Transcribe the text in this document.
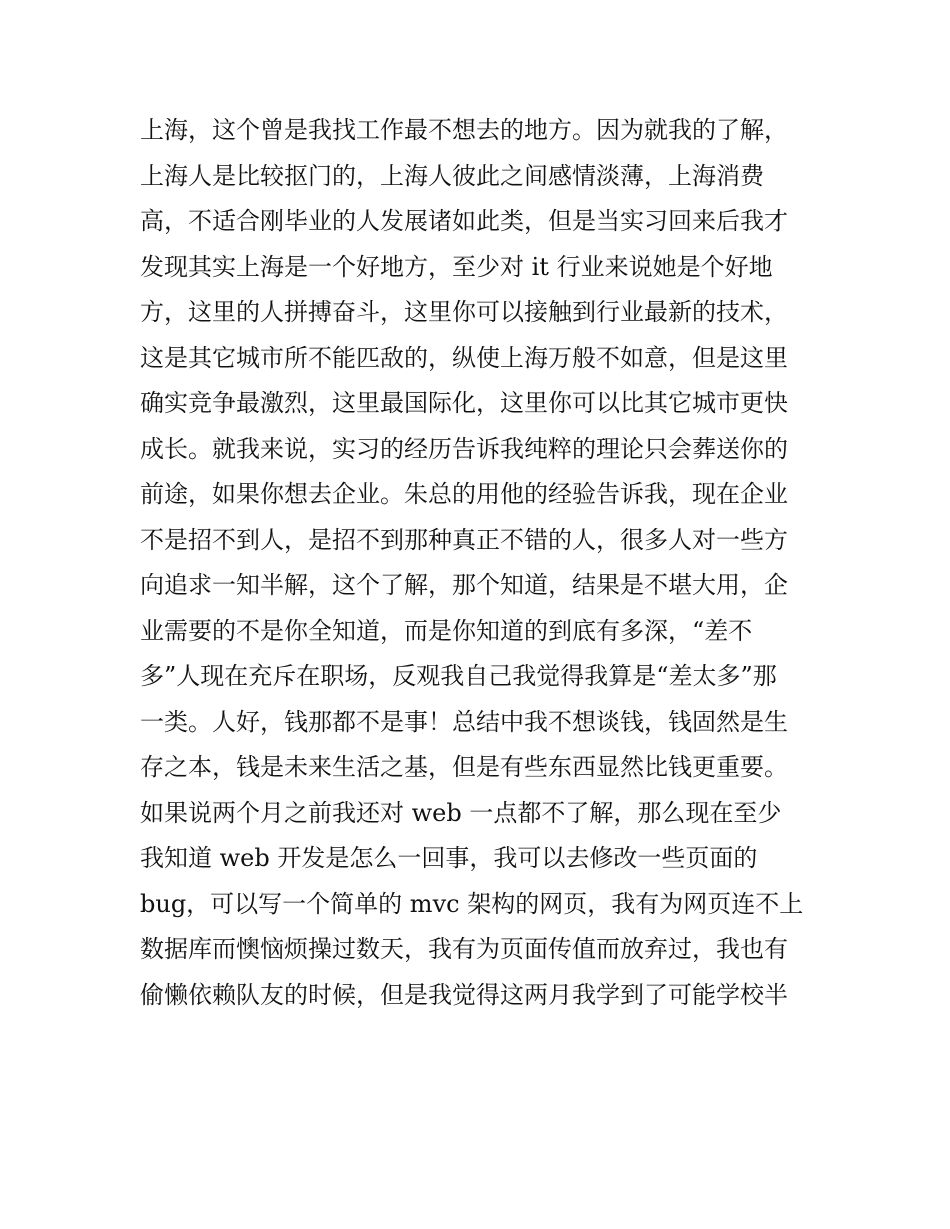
上海，这个曾是我找工作最不想去的地方。因为就我的了解，
上海人是比较抠门的，上海人彼此之间感情淡薄，上海消费
高，不适合刚毕业的人发展诸如此类，但是当实习回来后我才
发现其实上海是一个好地方，至少对 it 行业来说她是个好地
方，这里的人拼搏奋斗，这里你可以接触到行业最新的技术，
这是其它城市所不能匹敌的，纵使上海万般不如意，但是这里
确实竞争最激烈，这里最国际化，这里你可以比其它城市更快
成长。就我来说，实习的经历告诉我纯粹的理论只会葬送你的
前途，如果你想去企业。朱总的用他的经验告诉我，现在企业
不是招不到人，是招不到那种真正不错的人，很多人对一些方
向追求一知半解，这个了解，那个知道，结果是不堪大用，企
业需要的不是你全知道，而是你知道的到底有多深，“差不
多”人现在充斥在职场，反观我自己我觉得我算是“差太多”那
一类。人好，钱那都不是事！总结中我不想谈钱，钱固然是生
存之本，钱是未来生活之基，但是有些东西显然比钱更重要。
如果说两个月之前我还对 web 一点都不了解，那么现在至少
我知道 web 开发是怎么一回事，我可以去修改一些页面的
bug，可以写一个简单的 mvc 架构的网页，我有为网页连不上
数据库而懊恼烦操过数天，我有为页面传值而放弃过，我也有
偷懒依赖队友的时候，但是我觉得这两月我学到了可能学校半
